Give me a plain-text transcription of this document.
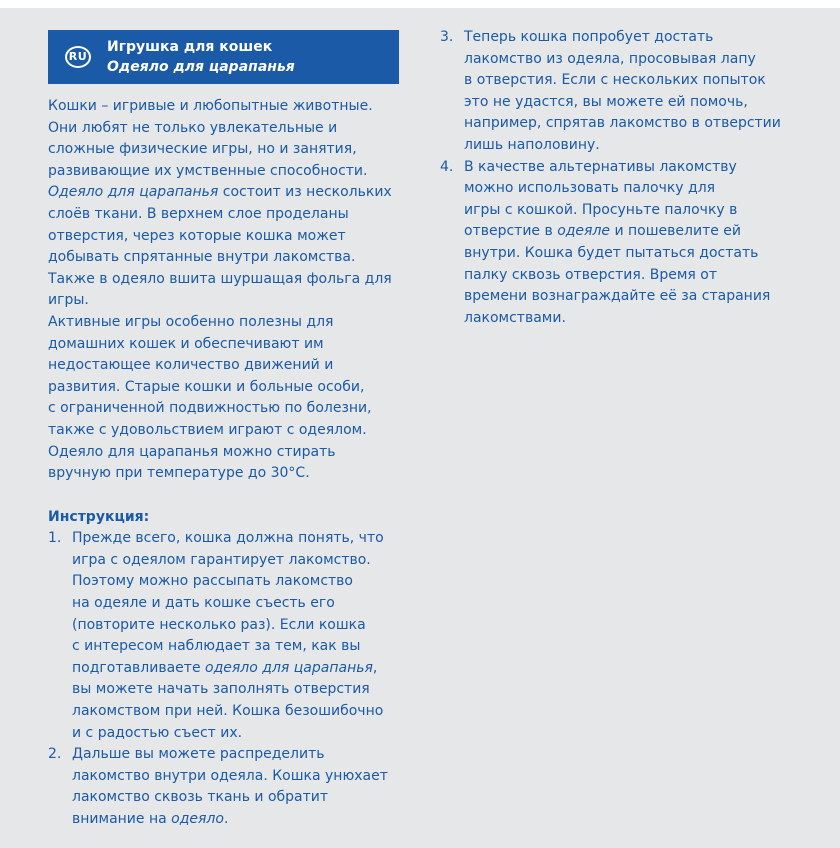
RU
Игрушка для кошек
Одеяло для царапанья
Кошки – игривые и любопытные животные.
Они любят не только увлекательные и
сложные физические игры, но и занятия,
развивающие их умственные способности.
Одеяло для царапанья состоит из нескольких
слоёв ткани. В верхнем слое проделаны
отверстия, через которые кошка может
добывать спрятанные внутри лакомства.
Также в одеяло вшита шуршащая фольга для
игры.
Активные игры особенно полезны для
домашних кошек и обеспечивают им
недостающее количество движений и
развития. Старые кошки и больные особи,
с ограниченной подвижностью по болезни,
также с удовольствием играют с одеялом.
Одеяло для царапанья можно стирать
вручную при температуре до 30°С.
Инструкция:
1. Прежде всего, кошка должна понять, что
игра с одеялом гарантирует лакомство.
Поэтому можно рассыпать лакомство
на одеяле и дать кошке съесть его
(повторите несколько раз). Если кошка
с интересом наблюдает за тем, как вы
подготавливаете одеяло для царапанья,
вы можете начать заполнять отверстия
лакомством при ней. Кошка безошибочно
и с радостью съест их.
2. Дальше вы можете распределить
лакомство внутри одеяла. Кошка унюхает
лакомство сквозь ткань и обратит
внимание на одеяло.
3. Теперь кошка попробует достать
лакомство из одеяла, просовывая лапу
в отверстия. Если с нескольких попыток
это не удастся, вы можете ей помочь,
например, спрятав лакомство в отверстии
лишь наполовину.
4. В качестве альтернативы лакомству
можно использовать палочку для
игры с кошкой. Просуньте палочку в
отверстие в одеяле и пошевелите ей
внутри. Кошка будет пытаться достать
палку сквозь отверстия. Время от
времени вознаграждайте её за старания
лакомствами.
